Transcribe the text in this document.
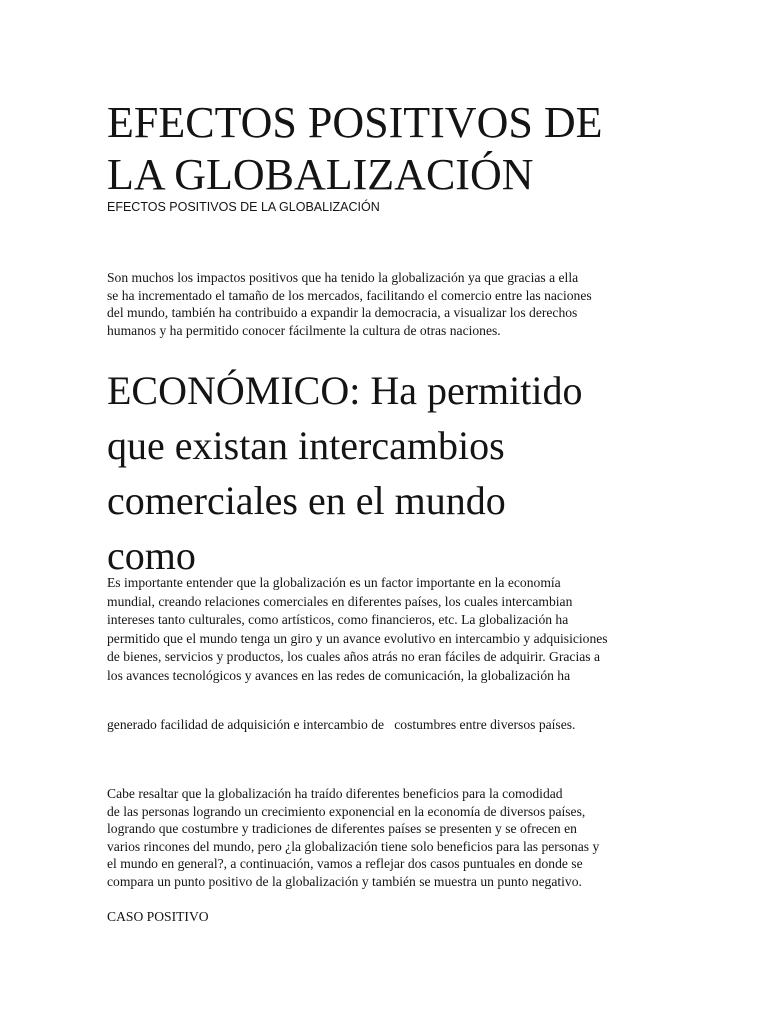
EFECTOS POSITIVOS DE
LA GLOBALIZACIÓN

EFECTOS POSITIVOS DE LA GLOBALIZACIÓN

Son muchos los impactos positivos que ha tenido la globalización ya que gracias a ella
se ha incrementado el tamaño de los mercados, facilitando el comercio entre las naciones
del mundo, también ha contribuido a expandir la democracia, a visualizar los derechos
humanos y ha permitido conocer fácilmente la cultura de otras naciones.

ECONÓMICO: Ha permitido
que existan intercambios
comerciales en el mundo
como

Es importante entender que la globalización es un factor importante en la economía
mundial, creando relaciones comerciales en diferentes países, los cuales intercambian
intereses tanto culturales, como artísticos, como financieros, etc. La globalización ha
permitido que el mundo tenga un giro y un avance evolutivo en intercambio y adquisiciones
de bienes, servicios y productos, los cuales años atrás no eran fáciles de adquirir. Gracias a
los avances tecnológicos y avances en las redes de comunicación, la globalización ha

generado facilidad de adquisición e intercambio de   costumbres entre diversos países.

Cabe resaltar que la globalización ha traído diferentes beneficios para la comodidad
de las personas logrando un crecimiento exponencial en la economía de diversos países,
logrando que costumbre y tradiciones de diferentes países se presenten y se ofrecen en
varios rincones del mundo, pero ¿la globalización tiene solo beneficios para las personas y
el mundo en general?, a continuación, vamos a reflejar dos casos puntuales en donde se
compara un punto positivo de la globalización y también se muestra un punto negativo.

CASO POSITIVO
